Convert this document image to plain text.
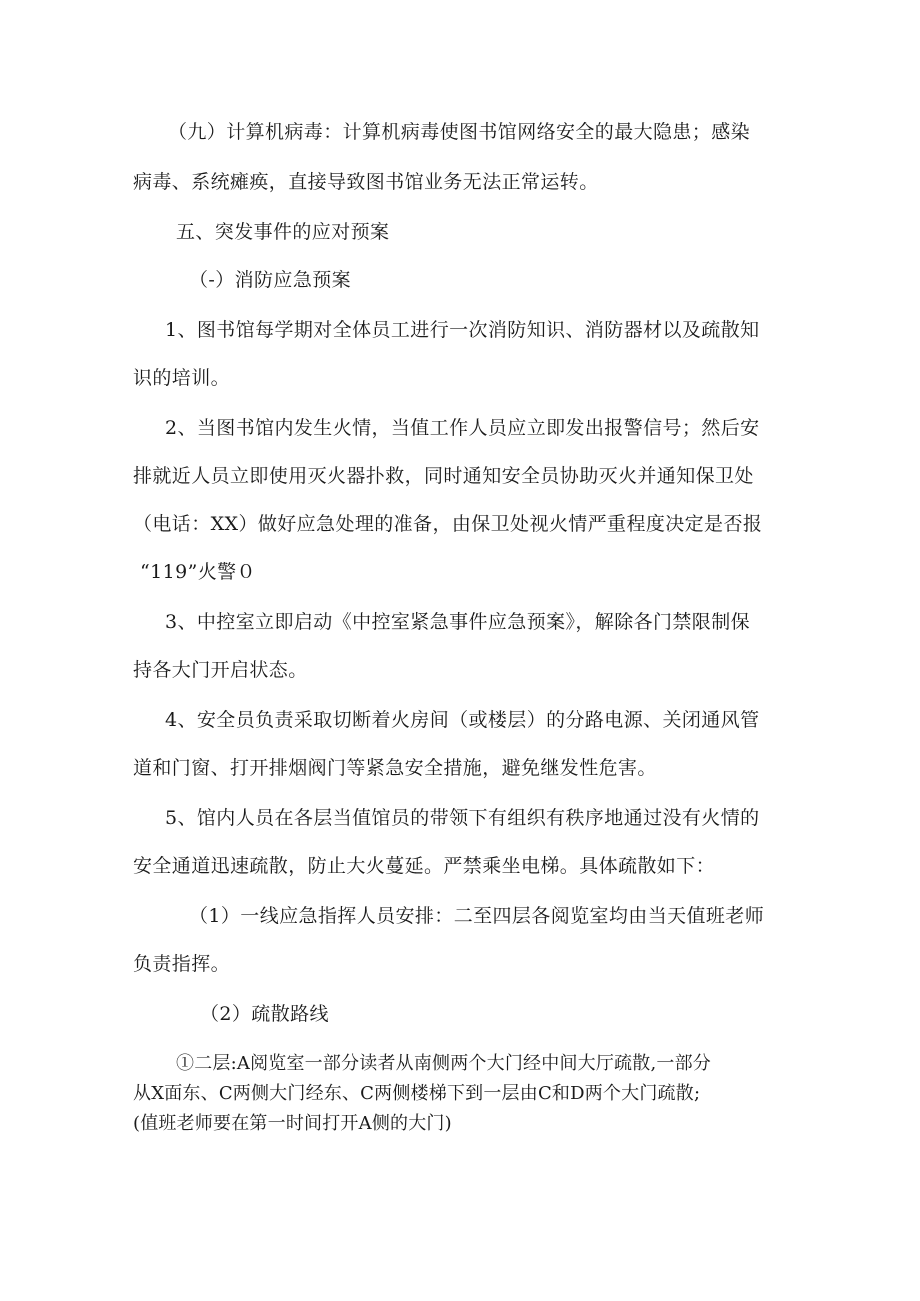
（九）计算机病毒：计算机病毒使图书馆网络安全的最大隐患；感染
病毒、系统瘫痪，直接导致图书馆业务无法正常运转。
五、突发事件的应对预案
（-）消防应急预案
1、图书馆每学期对全体员工进行一次消防知识、消防器材以及疏散知
识的培训。
2、当图书馆内发生火情，当值工作人员应立即发出报警信号；然后安
排就近人员立即使用灭火器扑救，同时通知安全员协助灭火并通知保卫处
（电话：XX）做好应急处理的准备，由保卫处视火情严重程度决定是否报
“119”火警０
3、中控室立即启动《中控室紧急事件应急预案》，解除各门禁限制保
持各大门开启状态。
4、安全员负责采取切断着火房间（或楼层）的分路电源、关闭通风管
道和门窗、打开排烟阀门等紧急安全措施，避免继发性危害。
5、馆内人员在各层当值馆员的带领下有组织有秩序地通过没有火情的
安全通道迅速疏散，防止大火蔓延。严禁乘坐电梯。具体疏散如下：
（1）一线应急指挥人员安排：二至四层各阅览室均由当天值班老师
负责指挥。
（2）疏散路线
①二层:A阅览室一部分读者从南侧两个大门经中间大厅疏散,一部分
从X面东、C两侧大门经东、C两侧楼梯下到一层由C和D两个大门疏散;
(值班老师要在第一时间打开A侧的大门)
